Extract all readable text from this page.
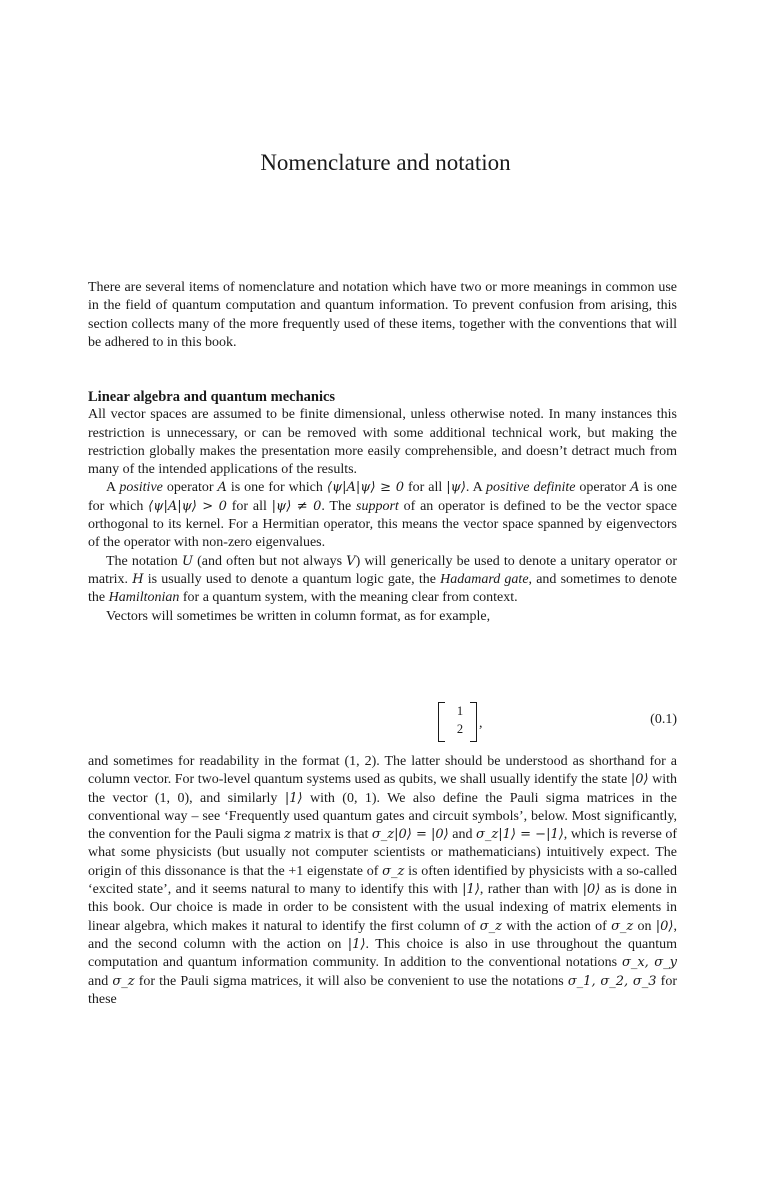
Nomenclature and notation

There are several items of nomenclature and notation which have two or more meanings in common use in the field of quantum computation and quantum information. To prevent confusion from arising, this section collects many of the more frequently used of these items, together with the conventions that will be adhered to in this book.

Linear algebra and quantum mechanics

All vector spaces are assumed to be finite dimensional, unless otherwise noted. In many instances this restriction is unnecessary, or can be removed with some additional technical work, but making the restriction globally makes the presentation more easily comprehensible, and doesn’t detract much from many of the intended applications of the results.

A positive operator A is one for which ⟨ψ|A|ψ⟩ ≥ 0 for all |ψ⟩. A positive definite operator A is one for which ⟨ψ|A|ψ⟩ > 0 for all |ψ⟩ ≠ 0. The support of an operator is defined to be the vector space orthogonal to its kernel. For a Hermitian operator, this means the vector space spanned by eigenvectors of the operator with non-zero eigenvalues.

The notation U (and often but not always V) will generically be used to denote a unitary operator or matrix. H is usually used to denote a quantum logic gate, the Hadamard gate, and sometimes to denote the Hamiltonian for a quantum system, with the meaning clear from context.

Vectors will sometimes be written in column format, as for example,

1
2	,	(0.1)

and sometimes for readability in the format (1, 2). The latter should be understood as shorthand for a column vector. For two-level quantum systems used as qubits, we shall usually identify the state |0⟩ with the vector (1, 0), and similarly |1⟩ with (0, 1). We also define the Pauli sigma matrices in the conventional way – see ‘Frequently used quantum gates and circuit symbols’, below. Most significantly, the convention for the Pauli sigma z matrix is that σ_z|0⟩ = |0⟩ and σ_z|1⟩ = −|1⟩, which is reverse of what some physicists (but usually not computer scientists or mathematicians) intuitively expect. The origin of this dissonance is that the +1 eigenstate of σ_z is often identified by physicists with a so-called ‘excited state’, and it seems natural to many to identify this with |1⟩, rather than with |0⟩ as is done in this book. Our choice is made in order to be consistent with the usual indexing of matrix elements in linear algebra, which makes it natural to identify the first column of σ_z with the action of σ_z on |0⟩, and the second column with the action on |1⟩. This choice is also in use throughout the quantum computation and quantum information community. In addition to the conventional notations σ_x, σ_y and σ_z for the Pauli sigma matrices, it will also be convenient to use the notations σ_1, σ_2, σ_3 for these
